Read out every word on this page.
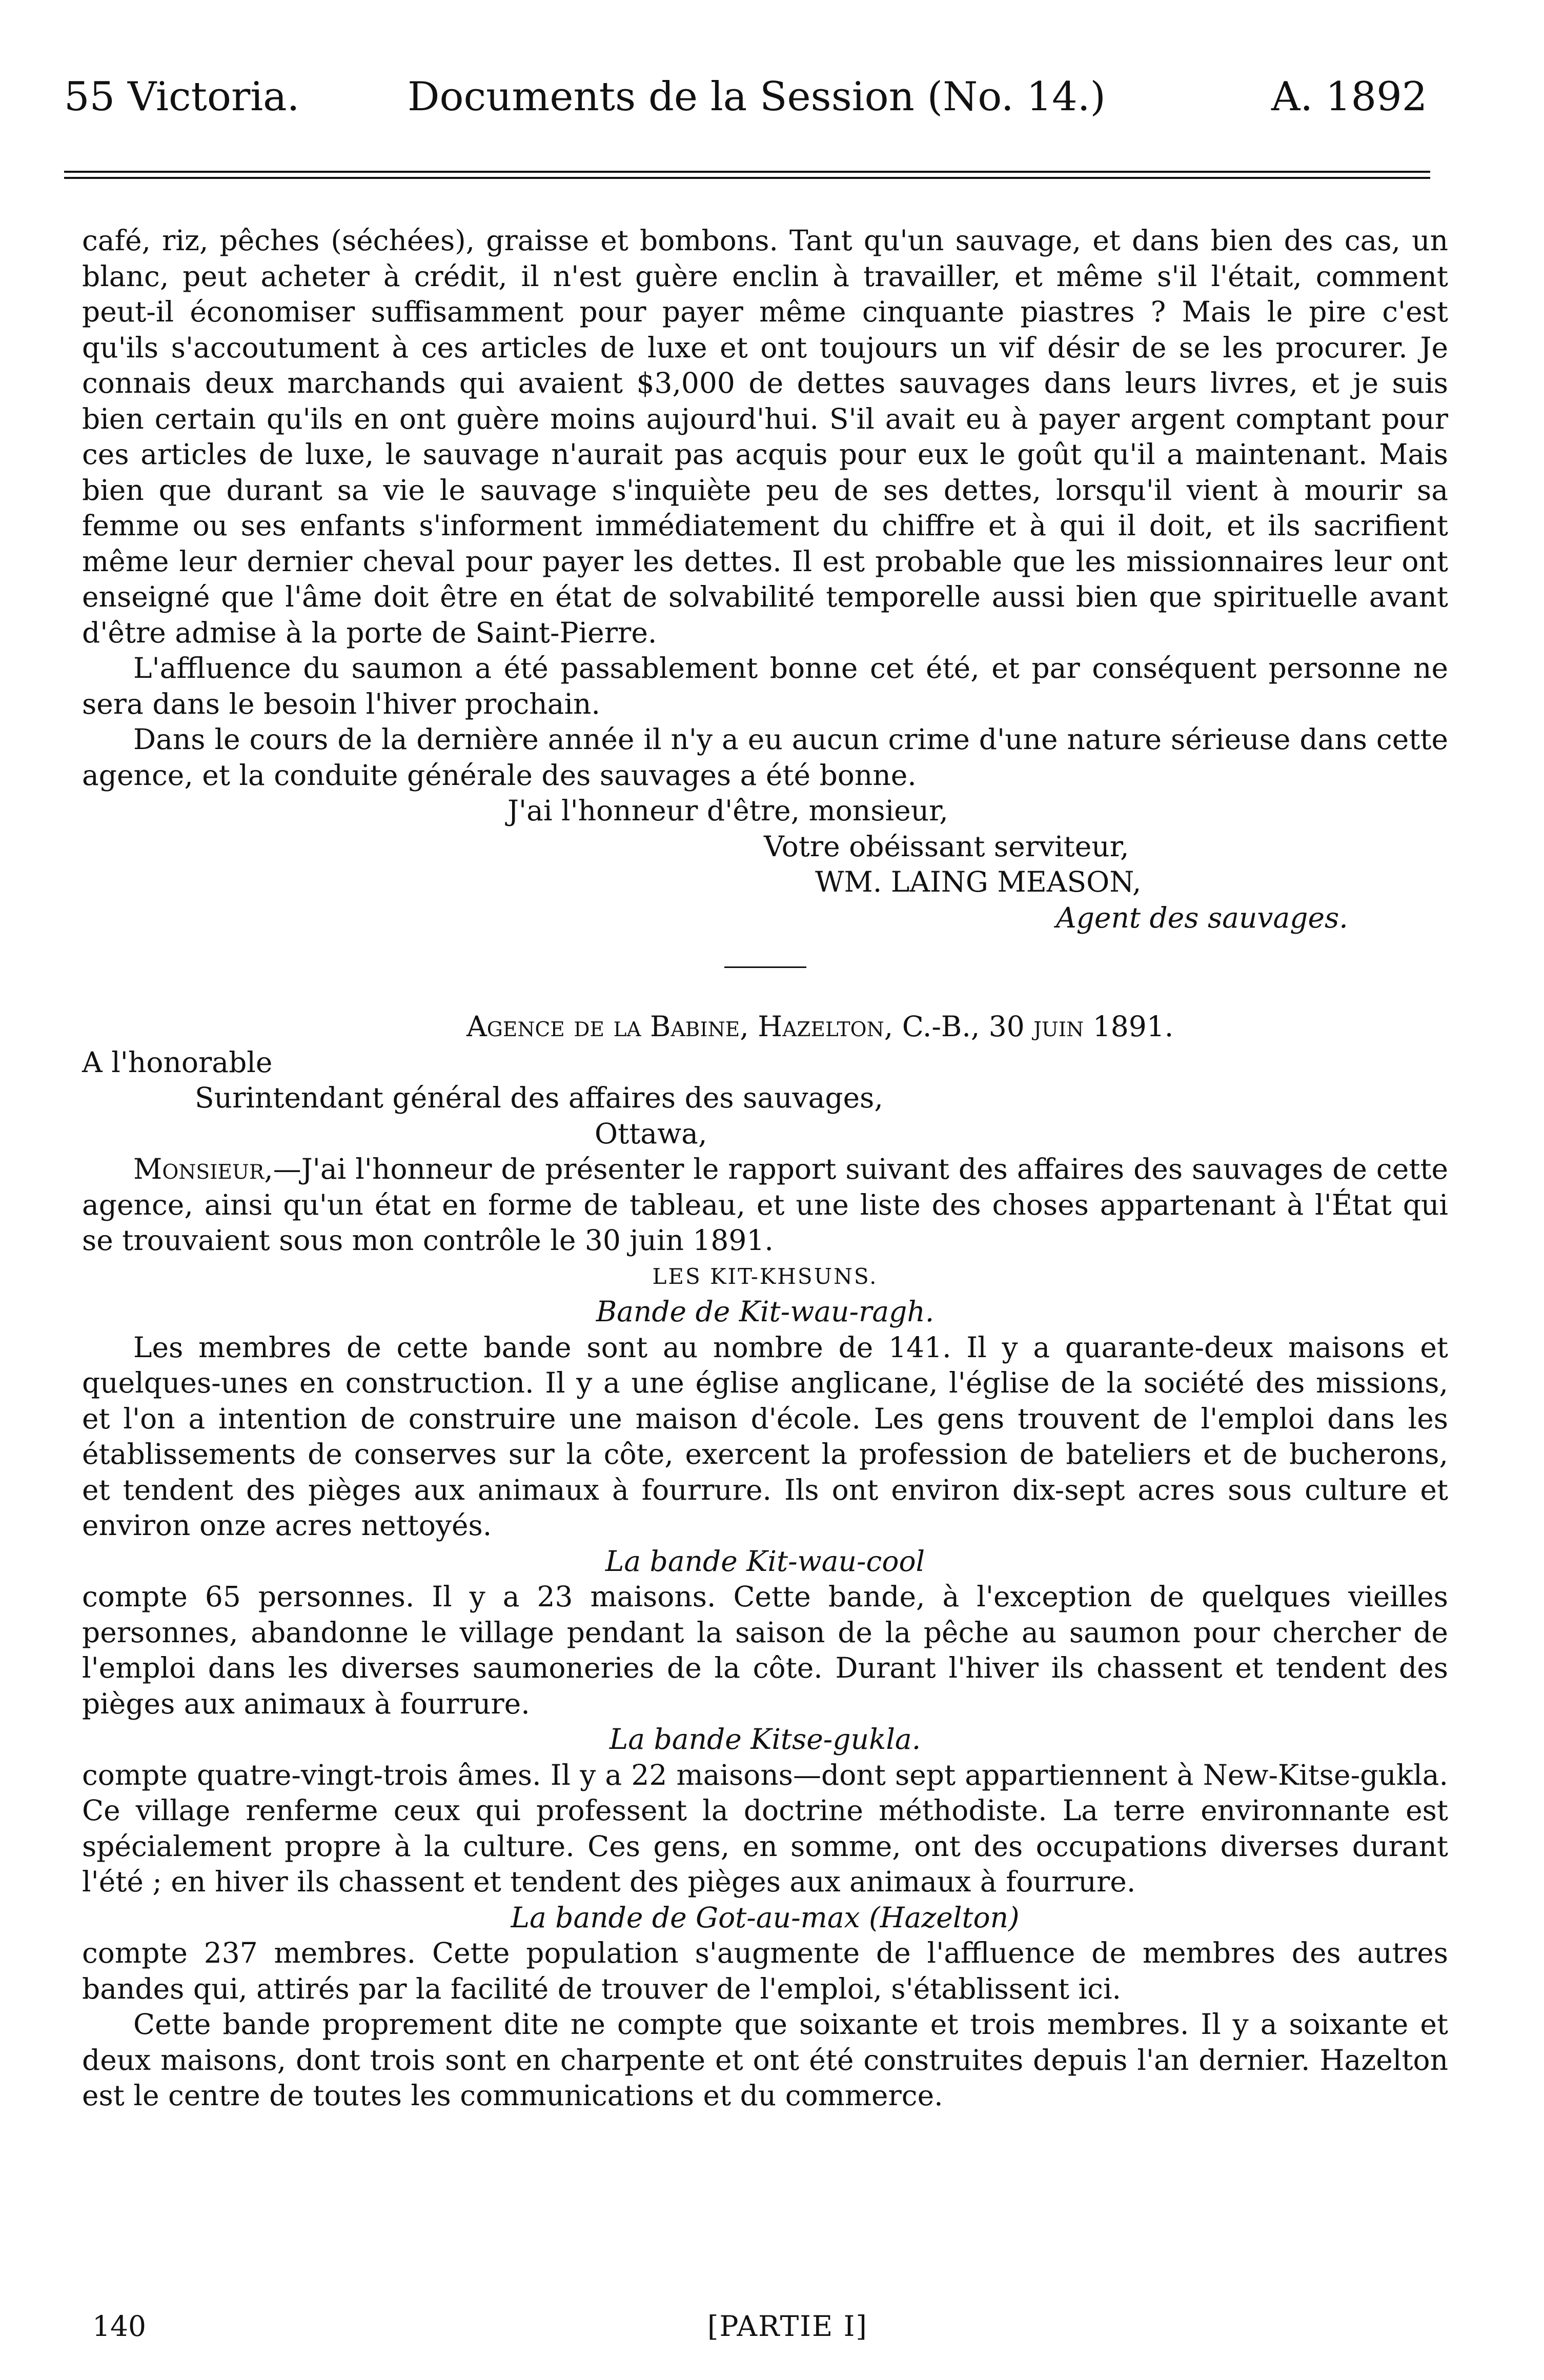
55 Victoria.	Documents de la Session (No. 14.)	A. 1892

café, riz, pêches (séchées), graisse et bombons. Tant qu'un sauvage, et dans bien des cas, un blanc, peut acheter à crédit, il n'est guère enclin à travailler, et même s'il l'était, comment peut-il économiser suffisamment pour payer même cinquante piastres ? Mais le pire c'est qu'ils s'accoutument à ces articles de luxe et ont toujours un vif désir de se les procurer. Je connais deux marchands qui avaient $3,000 de dettes sauvages dans leurs livres, et je suis bien certain qu'ils en ont guère moins aujourd'hui. S'il avait eu à payer argent comptant pour ces articles de luxe, le sauvage n'aurait pas acquis pour eux le goût qu'il a maintenant. Mais bien que durant sa vie le sauvage s'inquiète peu de ses dettes, lorsqu'il vient à mourir sa femme ou ses enfants s'informent immédiatement du chiffre et à qui il doit, et ils sacrifient même leur dernier cheval pour payer les dettes. Il est probable que les missionnaires leur ont enseigné que l'âme doit être en état de solvabilité temporelle aussi bien que spirituelle avant d'être admise à la porte de Saint-Pierre.

L'affluence du saumon a été passablement bonne cet été, et par conséquent personne ne sera dans le besoin l'hiver prochain.

Dans le cours de la dernière année il n'y a eu aucun crime d'une nature sérieuse dans cette agence, et la conduite générale des sauvages a été bonne.

J'ai l'honneur d'être, monsieur,
Votre obéissant serviteur,
WM. LAING MEASON,
Agent des sauvages.
Agence de la Babine, Hazelton, C.-B., 30 juin 1891.
A l'honorable
Surintendant général des affaires des sauvages,
Ottawa,

Monsieur,—J'ai l'honneur de présenter le rapport suivant des affaires des sauvages de cette agence, ainsi qu'un état en forme de tableau, et une liste des choses appartenant à l'État qui se trouvaient sous mon contrôle le 30 juin 1891.

LES KIT-KHSUNS.
Bande de Kit-wau-ragh.

Les membres de cette bande sont au nombre de 141. Il y a quarante-deux maisons et quelques-unes en construction. Il y a une église anglicane, l'église de la société des missions, et l'on a intention de construire une maison d'école. Les gens trouvent de l'emploi dans les établissements de conserves sur la côte, exercent la profession de bateliers et de bucherons, et tendent des pièges aux animaux à fourrure. Ils ont environ dix-sept acres sous culture et environ onze acres nettoyés.

La bande Kit-wau-cool

compte 65 personnes. Il y a 23 maisons. Cette bande, à l'exception de quelques vieilles personnes, abandonne le village pendant la saison de la pêche au saumon pour chercher de l'emploi dans les diverses saumoneries de la côte. Durant l'hiver ils chassent et tendent des pièges aux animaux à fourrure.

La bande Kitse-gukla.

compte quatre-vingt-trois âmes. Il y a 22 maisons—dont sept appartiennent à New-Kitse-gukla. Ce village renferme ceux qui professent la doctrine méthodiste. La terre environnante est spécialement propre à la culture. Ces gens, en somme, ont des occupations diverses durant l'été ; en hiver ils chassent et tendent des pièges aux animaux à fourrure.

La bande de Got-au-max (Hazelton)

compte 237 membres. Cette population s'augmente de l'affluence de membres des autres bandes qui, attirés par la facilité de trouver de l'emploi, s'établissent ici.

Cette bande proprement dite ne compte que soixante et trois membres. Il y a soixante et deux maisons, dont trois sont en charpente et ont été construites depuis l'an dernier. Hazelton est le centre de toutes les communications et du commerce.

140	[PARTIE I]
